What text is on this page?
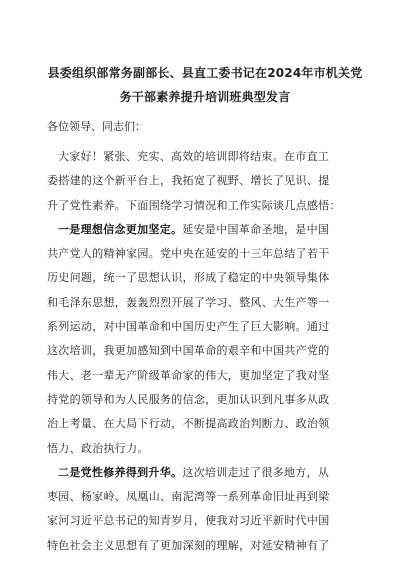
县委组织部常务副部长、县直工委书记在2024年市机关党
务干部素养提升培训班典型发言
各位领导、同志们：
大家好！紧张、充实、高效的培训即将结束。在市直工
委搭建的这个新平台上，我拓宽了视野、增长了见识、提
升了党性素养。下面围绕学习情况和工作实际谈几点感悟：
一是理想信念更加坚定。延安是中国革命圣地，是中国
共产党人的精神家园。党中央在延安的十三年总结了若干
历史问题，统一了思想认识，形成了稳定的中央领导集体
和毛泽东思想，轰轰烈烈开展了学习、整风、大生产等一
系列运动，对中国革命和中国历史产生了巨大影响。通过
这次培训，我更加感知到中国革命的艰辛和中国共产党的
伟大、老一辈无产阶级革命家的伟大，更加坚定了我对坚
持党的领导和为人民服务的信念，更加认识到凡事多从政
治上考量、在大局下行动，不断提高政治判断力、政治领
悟力、政治执行力。
二是党性修养得到升华。这次培训走过了很多地方，从
枣园、杨家岭、凤凰山、南泥湾等一系列革命旧址再到梁
家河习近平总书记的知青岁月，使我对习近平新时代中国
特色社会主义思想有了更加深刻的理解，对延安精神有了
